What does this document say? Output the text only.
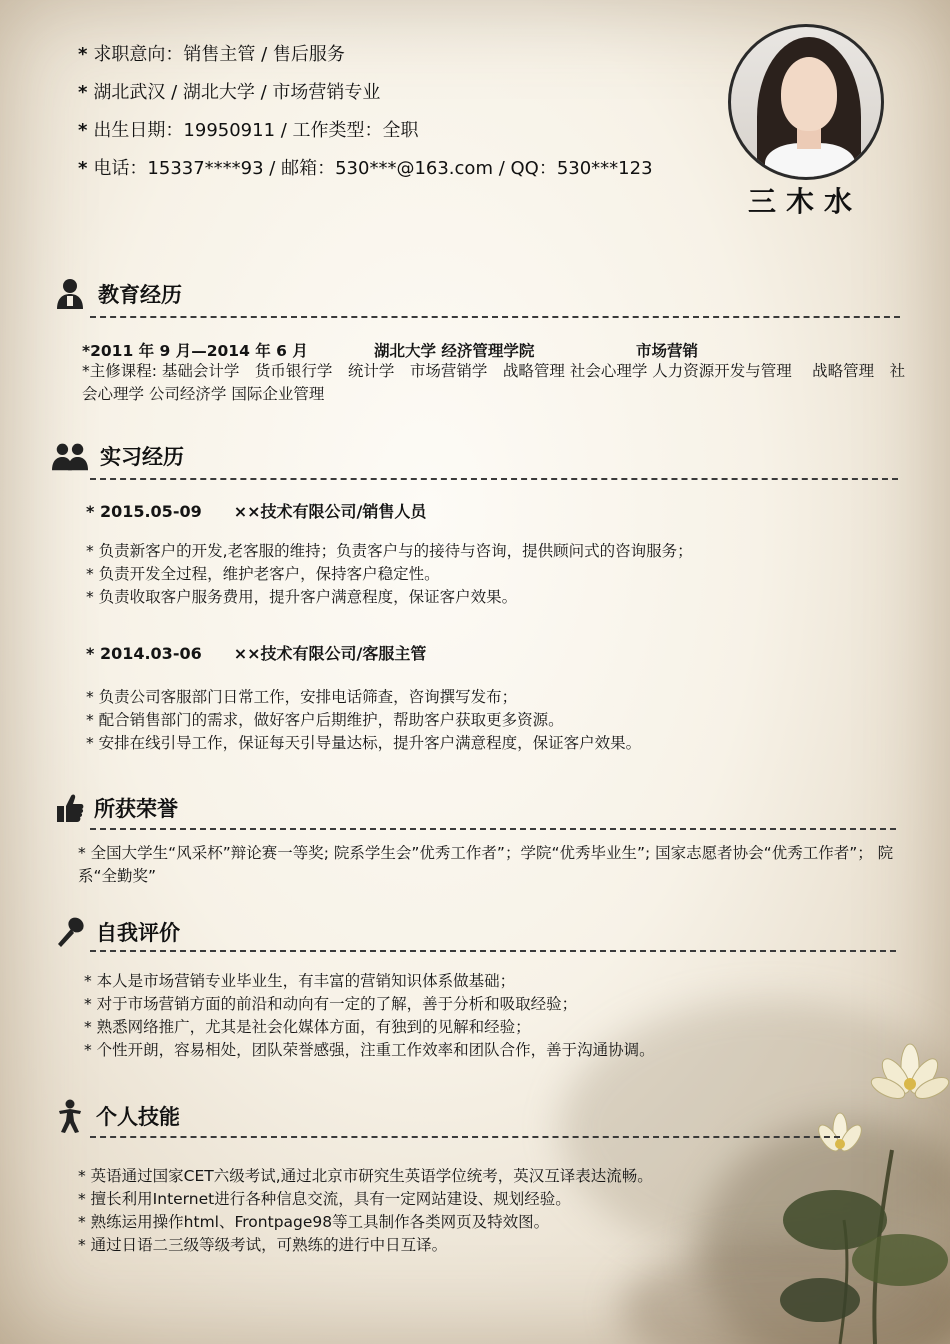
* 求职意向：销售主管 / 售后服务

* 湖北武汉 / 湖北大学 / 市场营销专业

* 出生日期：19950911 / 工作类型：全职

* 电话：15337****93 / 邮箱：530***@163.com / QQ：530***123

三木水
教育经历
*2011 年 9 月—2014 年 6 月	湖北大学 经济管理学院	市场营销

*主修课程: 基础会计学　货币银行学　统计学　市场营销学　战略管理 社会心理学 人力资源开发与管理　 战略管理　社会心理学 公司经济学 国际企业管理

实习经历
* 2015.05-09　　××技术有限公司/销售人员

* 负责新客户的开发,老客服的维持；负责客户与的接待与咨询，提供顾问式的咨询服务；

* 负责开发全过程，维护老客户，保持客户稳定性。

* 负责收取客户服务费用，提升客户满意程度，保证客户效果。

* 2014.03-06　　××技术有限公司/客服主管

* 负责公司客服部门日常工作，安排电话筛查，咨询撰写发布；

* 配合销售部门的需求，做好客户后期维护，帮助客户获取更多资源。

* 安排在线引导工作，保证每天引导量达标，提升客户满意程度，保证客户效果。

所获荣誉

* 全国大学生“风采杯”辩论赛一等奖; 院系学生会”优秀工作者”；学院“优秀毕业生”; 国家志愿者协会“优秀工作者”； 院系“全勤奖”

自我评价

* 本人是市场营销专业毕业生，有丰富的营销知识体系做基础；

* 对于市场营销方面的前沿和动向有一定的了解，善于分析和吸取经验；

* 熟悉网络推广，尤其是社会化媒体方面，有独到的见解和经验；

* 个性开朗，容易相处，团队荣誉感强，注重工作效率和团队合作，善于沟通协调。

个人技能

* 英语通过国家CET六级考试,通过北京市研究生英语学位统考，英汉互译表达流畅。

* 擅长利用Internet进行各种信息交流，具有一定网站建设、规划经验。

* 熟练运用操作html、Frontpage98等工具制作各类网页及特效图。

* 通过日语二三级等级考试，可熟练的进行中日互译。
